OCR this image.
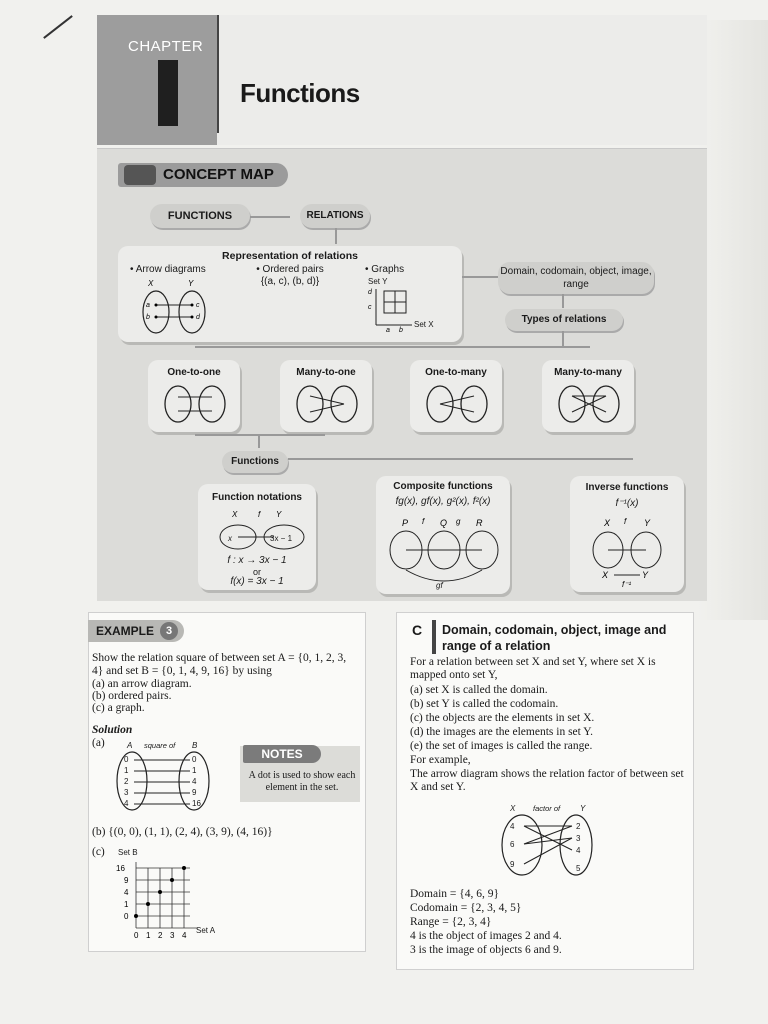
CHAPTER
Functions
CONCEPT MAP
FUNCTIONS	RELATIONS
Representation of relations
• Arrow diagrams	• Ordered pairs
{(a, c), (b, d)}
• Graphs
Set Y
Set X
X	Y
a
b
c
d
d
c
a b
Domain, codomain, object, image, range
Types of relations
One-to-one	Many-to-one	One-to-many	Many-to-many
Functions
Function notations
X	f Y
x	3x − 1
f : x → 3x − 1
or
f(x) = 3x − 1
Composite functions
fg(x), gf(x), g²(x), f²(x)
P f Q g R
gf
Inverse functions
f⁻¹(x)
X f Y
X	Y
f⁻¹
EXAMPLE	3
Show the relation square of between set A = {0, 1, 2, 3, 4} and set B = {0, 1, 4, 9, 16} by using
(a) an arrow diagram.
(b) ordered pairs.
(c) a graph.
Solution
(a)	A square of B
0
1
2
3
4
0
1
4
9
16
NOTES
A dot is used to show each element in the set.
(b) {(0, 0), (1, 1), (2, 4), (3, 9), (4, 16)}
(c) Set B
Set A
16
9
4
1
0
0 1 2 3 4
C Domain, codomain, object, image and range of a relation
For a relation between set X and set Y, where set X is mapped onto set Y,
(a) set X is called the domain.
(b) set Y is called the codomain.
(c) the objects are the elements in set X.
(d) the images are the elements in set Y.
(e) the set of images is called the range.
For example,
The arrow diagram shows the relation factor of between set X and set Y.
X factor of Y
4
6
9
2
3
4
5
Domain = {4, 6, 9}
Codomain = {2, 3, 4, 5}
Range = {2, 3, 4}
4 is the object of images 2 and 4.
3 is the image of objects 6 and 9.
